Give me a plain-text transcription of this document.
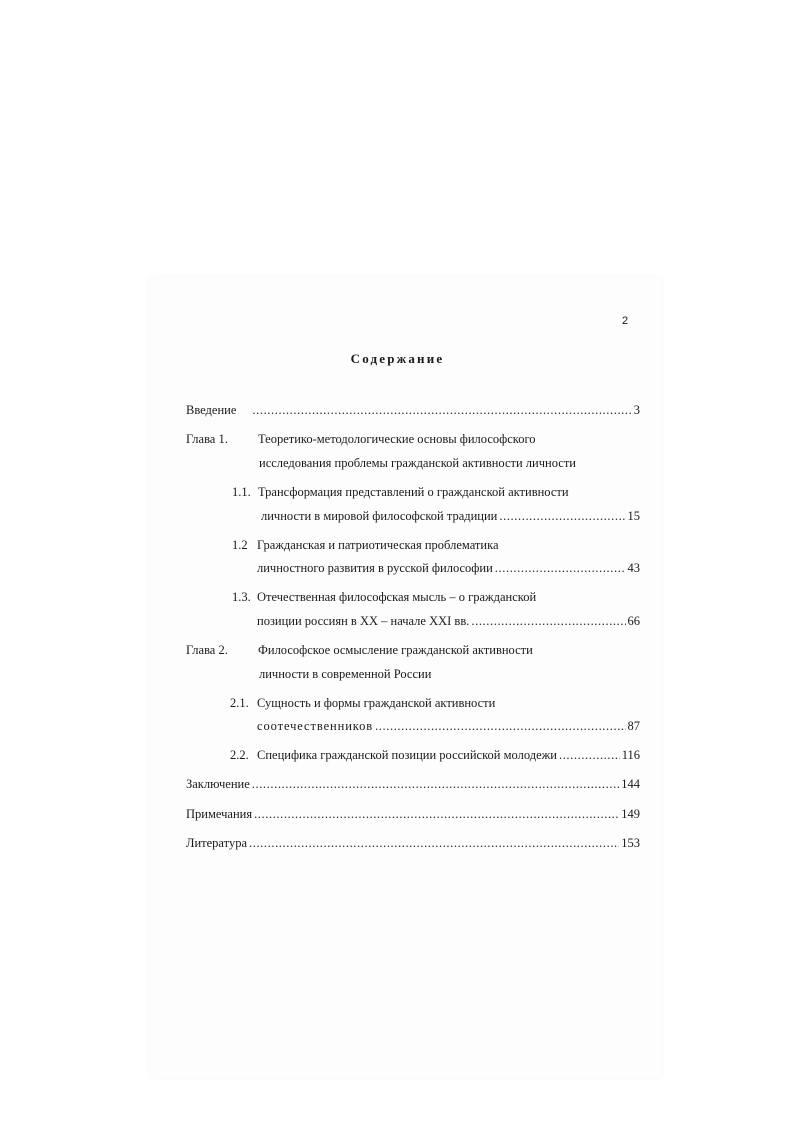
2
Содержание
Введение .....	3
Глава 1. Теоретико-методологические основы философского
исследования проблемы гражданской активности личности
1.1. Трансформация представлений о гражданской активности
личности в мировой философской традиции .....	15
1.2 Гражданская и патриотическая проблематика
личностного развития в русской философии .....	43
1.3. Отечественная философская мысль – о гражданской
позиции россиян в XX – начале XXI вв. .....	66
Глава 2. Философское осмысление гражданской активности
личности в современной России
2.1. Сущность и формы гражданской активности
соотечественников .....	87
2.2. Специфика гражданской позиции российской молодежи .....	116
Заключение .....	144
Примечания .....	149
Литература .....	153
